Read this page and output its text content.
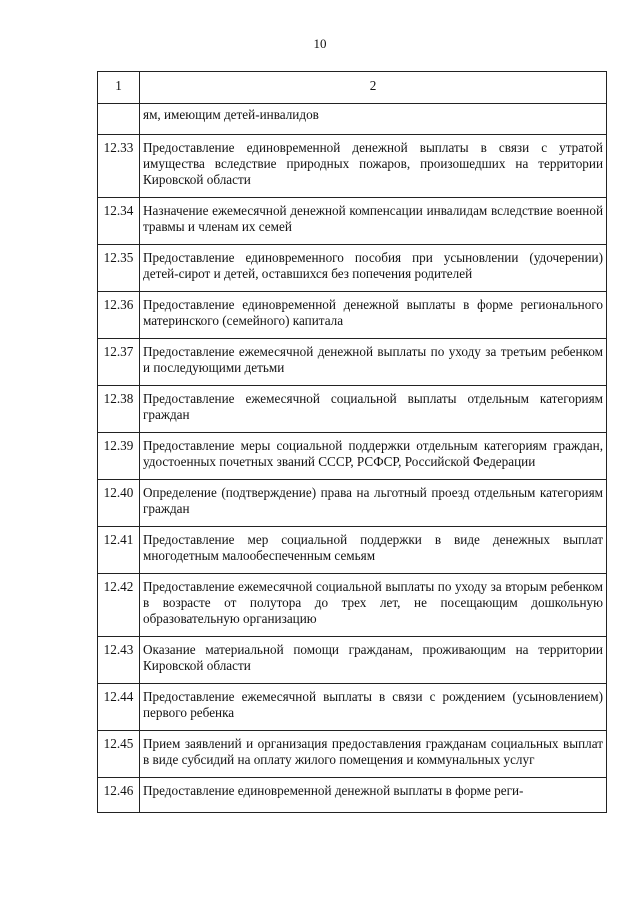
10
1	2
	ям, имеющим детей-инвалидов
12.33	Предоставление единовременной денежной выплаты в связи с утратой имущества вследствие природных пожаров, произошедших на территории Кировской области
12.34	Назначение ежемесячной денежной компенсации инвалидам вследствие военной травмы и членам их семей
12.35	Предоставление единовременного пособия при усыновлении (удочерении) детей-сирот и детей, оставшихся без попечения родителей
12.36	Предоставление единовременной денежной выплаты в форме регионального материнского (семейного) капитала
12.37	Предоставление ежемесячной денежной выплаты по уходу за третьим ребенком и последующими детьми
12.38	Предоставление ежемесячной социальной выплаты отдельным категориям граждан
12.39	Предоставление меры социальной поддержки отдельным категориям граждан, удостоенных почетных званий СССР, РСФСР, Российской Федерации
12.40	Определение (подтверждение) права на льготный проезд отдельным категориям граждан
12.41	Предоставление мер социальной поддержки в виде денежных выплат многодетным малообеспеченным семьям
12.42	Предоставление ежемесячной социальной выплаты по уходу за вторым ребенком в возрасте от полутора до трех лет, не посещающим дошкольную образовательную организацию
12.43	Оказание материальной помощи гражданам, проживающим на территории Кировской области
12.44	Предоставление ежемесячной выплаты в связи с рождением (усыновлением) первого ребенка
12.45	Прием заявлений и организация предоставления гражданам социальных выплат в виде субсидий на оплату жилого помещения и коммунальных услуг
12.46	Предоставление единовременной денежной выплаты в форме реги-
